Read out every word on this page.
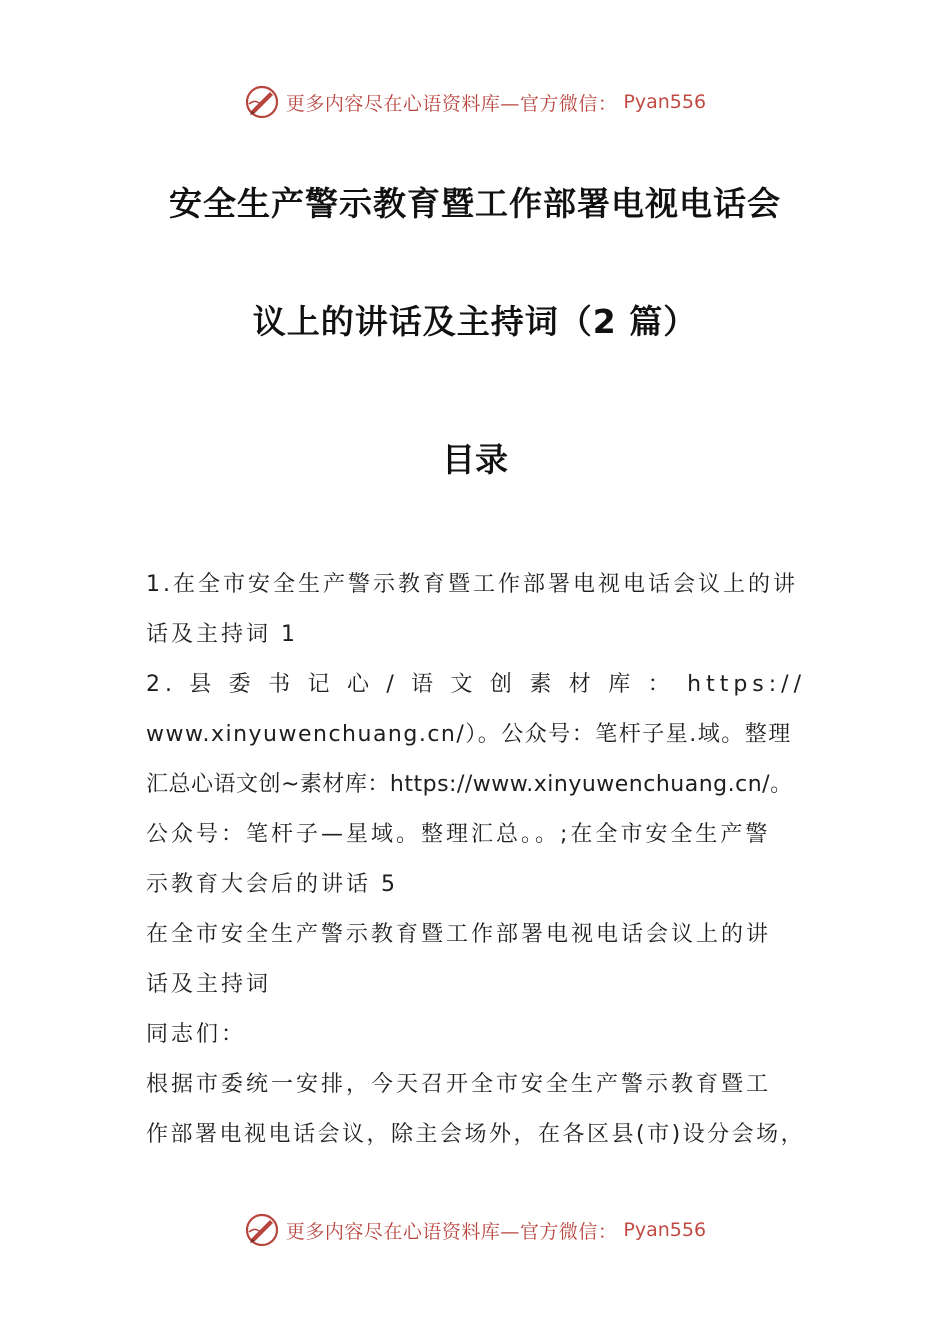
更多内容尽在心语资料库—官方微信： Pyan556
安全生产警示教育暨工作部署电视电话会
议上的讲话及主持词（2 篇）
目录
1.在全市安全生产警示教育暨工作部署电视电话会议上的讲
话及主持词 1
2. 县 委 书 记 心 / 语 文 创 素 材 库 ： https://
www.xinyuwenchuang.cn/）。公众号：笔杆子星.域。整理
汇总心语文创~素材库：https://www.xinyuwenchuang.cn/。
公众号：笔杆子—星域。整理汇总。。;在全市安全生产警
示教育大会后的讲话 5
在全市安全生产警示教育暨工作部署电视电话会议上的讲
话及主持词
同志们：
根据市委统一安排，今天召开全市安全生产警示教育暨工
作部署电视电话会议，除主会场外，在各区县(市)设分会场，
更多内容尽在心语资料库—官方微信： Pyan556
